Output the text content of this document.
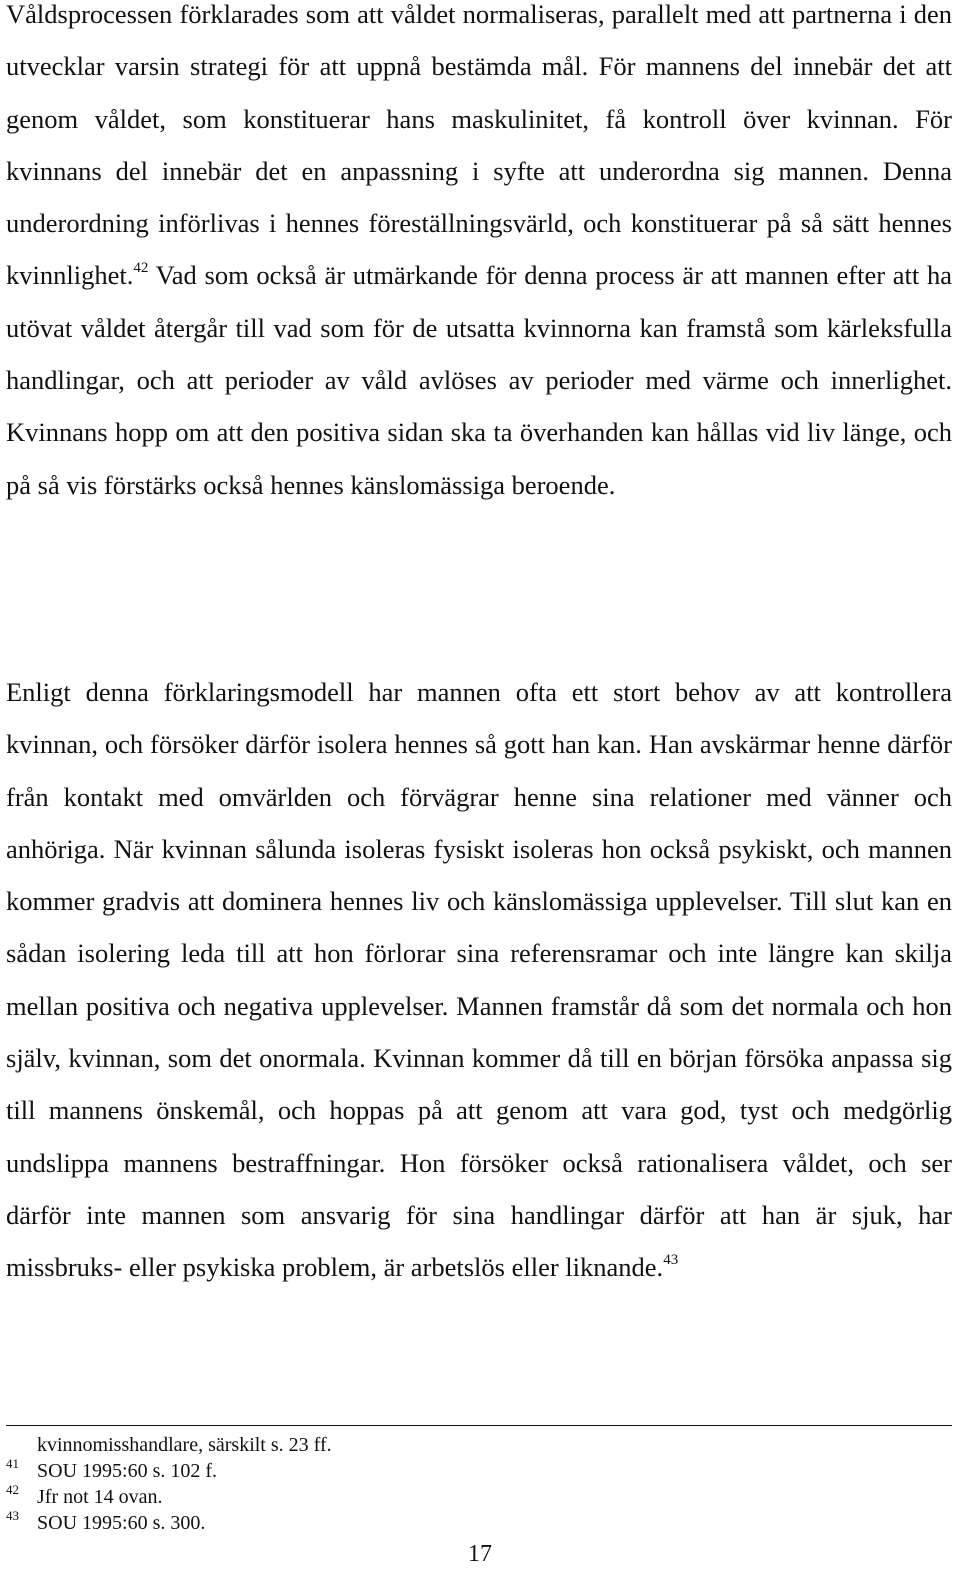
Våldsprocessen förklarades som att våldet normaliseras, parallelt med att partnerna i den utvecklar varsin strategi för att uppnå bestämda mål. För mannens del innebär det att genom våldet, som konstituerar hans maskulinitet, få kontroll över kvinnan. För kvinnans del innebär det en anpassning i syfte att underordna sig mannen. Denna underordning införlivas i hennes föreställningsvärld, och konstituerar på så sätt hennes kvinnlighet.$^{42}$ Vad som också är utmärkande för denna process är att mannen efter att ha utövat våldet återgår till vad som för de utsatta kvinnorna kan framstå som kärleksfulla handlingar, och att perioder av våld avlöses av perioder med värme och innerlighet. Kvinnans hopp om att den positiva sidan ska ta överhanden kan hållas vid liv länge, och på så vis förstärks också hennes känslomässiga beroende.

Enligt denna förklaringsmodell har mannen ofta ett stort behov av att kontrollera kvinnan, och försöker därför isolera hennes så gott han kan. Han avskärmar henne därför från kontakt med omvärlden och förvägrar henne sina relationer med vänner och anhöriga. När kvinnan sålunda isoleras fysiskt isoleras hon också psykiskt, och mannen kommer gradvis att dominera hennes liv och känslomässiga upplevelser. Till slut kan en sådan isolering leda till att hon förlorar sina referensramar och inte längre kan skilja mellan positiva och negativa upplevelser. Mannen framstår då som det normala och hon själv, kvinnan, som det onormala. Kvinnan kommer då till en början försöka anpassa sig till mannens önskemål, och hoppas på att genom att vara god, tyst och medgörlig undslippa mannens bestraffningar. Hon försöker också rationalisera våldet, och ser därför inte mannen som ansvarig för sina handlingar därför att han är sjuk, har missbruks- eller psykiska problem, är arbetslös eller liknande.$^{43}$

kvinnomisshandlare, särskilt s. 23 ff.
41 SOU 1995:60 s. 102 f.
42 Jfr not 14 ovan.
43 SOU 1995:60 s. 300.
17
